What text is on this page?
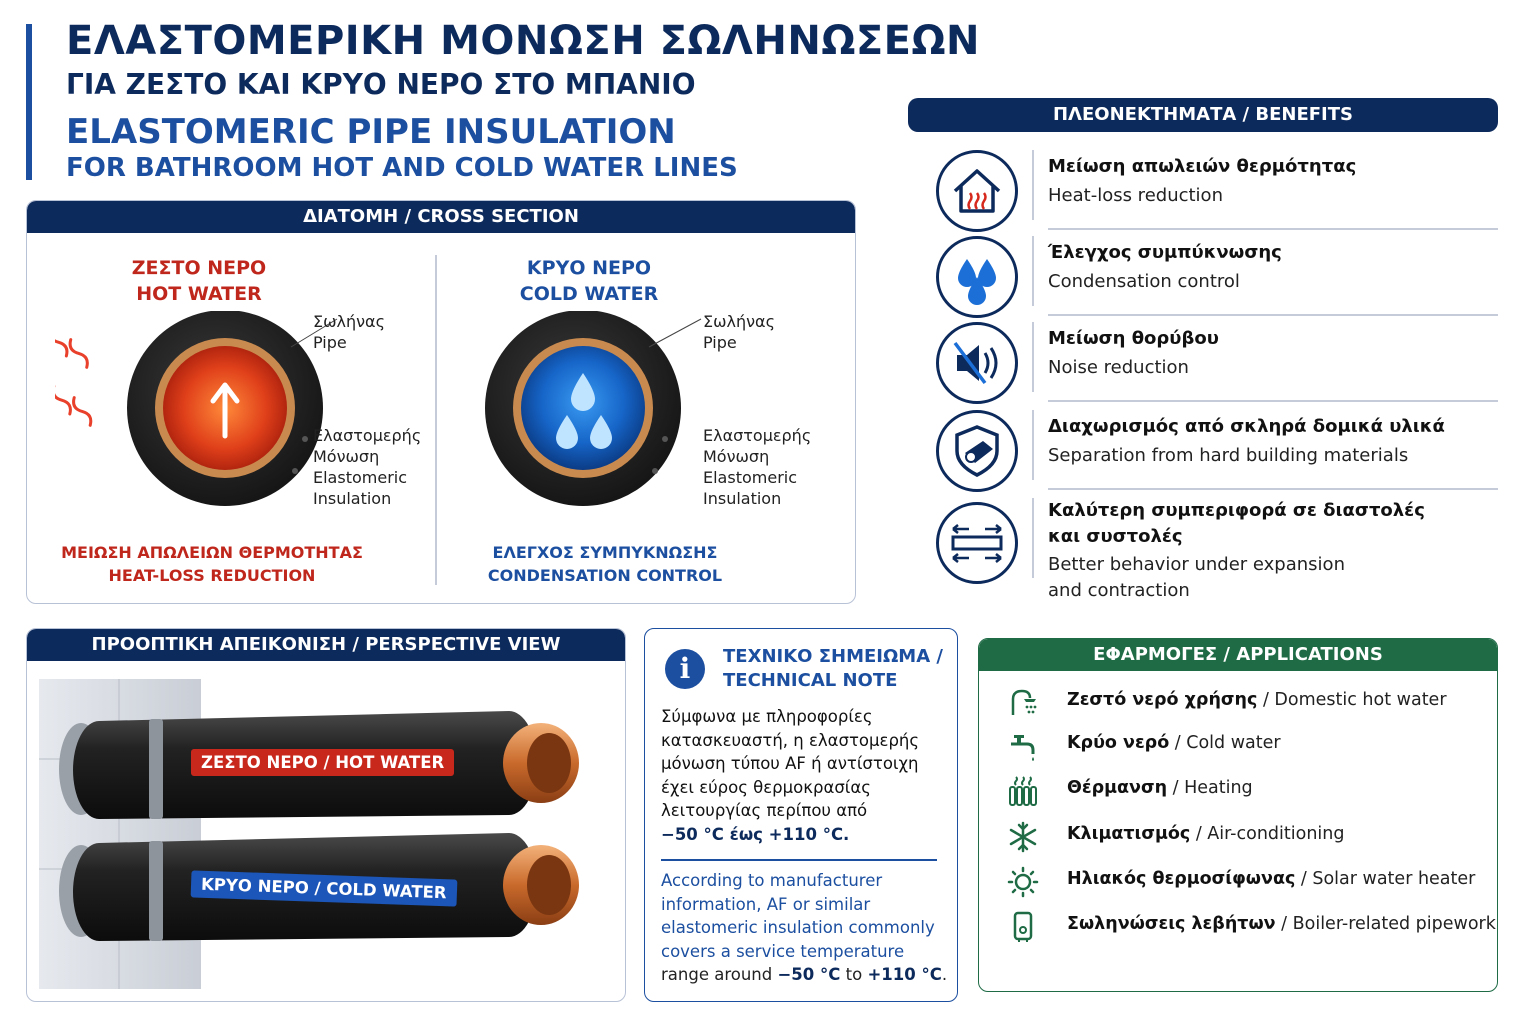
ΕΛΑΣΤΟΜΕΡΙΚΗ ΜΟΝΩΣΗ ΣΩΛΗΝΩΣΕΩΝ
ΓΙΑ ΖΕΣΤΟ ΚΑΙ ΚΡΥΟ ΝΕΡΟ ΣΤΟ ΜΠΑΝΙΟ
ELASTOMERIC PIPE INSULATION
FOR BATHROOM HOT AND COLD WATER LINES
ΔΙΑΤΟΜΗ / CROSS SECTION
ΖΕΣΤΟ ΝΕΡΟ
HOT WATER
Σωλήνας
Pipe
Ελαστομερής
Μόνωση
Elastomeric
Insulation
ΜΕΙΩΣΗ ΑΠΩΛΕΙΩΝ ΘΕΡΜΟΤΗΤΑΣ
HEAT-LOSS REDUCTION
ΚΡΥΟ ΝΕΡΟ
COLD WATER
Σωλήνας
Pipe
Ελαστομερής
Μόνωση
Elastomeric
Insulation
ΕΛΕΓΧΟΣ ΣΥΜΠΥΚΝΩΣΗΣ
CONDENSATION CONTROL
ΠΛΕΟΝΕΚΤΗΜΑΤΑ / BENEFITS
Μείωση απωλειών θερμότητας
Heat-loss reduction
Έλεγχος συμπύκνωσης
Condensation control
Μείωση θορύβου
Noise reduction
Διαχωρισμός από σκληρά δομικά υλικά
Separation from hard building materials
Καλύτερη συμπεριφορά σε διαστολές
και συστολές
Better behavior under expansion
and contraction
ΠΡΟΟΠΤΙΚΗ ΑΠΕΙΚΟΝΙΣΗ / PERSPECTIVE VIEW
ΖΕΣΤΟ ΝΕΡΟ / HOT WATER
ΚΡΥΟ ΝΕΡΟ / COLD WATER
i	ΤΕΧΝΙΚΟ ΣΗΜΕΙΩΜΑ /
TECHNICAL NOTE
Σύμφωνα με πληροφορίες
κατασκευαστή, η ελαστομερής
μόνωση τύπου AF ή αντίστοιχη
έχει εύρος θερμοκρασίας
λειτουργίας περίπου από
−50 °C έως +110 °C.
According to manufacturer
information, AF or similar
elastomeric insulation commonly
covers a service temperature
range around −50 °C to +110 °C.
ΕΦΑΡΜΟΓΕΣ / APPLICATIONS
Ζεστό νερό χρήσης / Domestic hot water
Κρύο νερό / Cold water
Θέρμανση / Heating
Κλιματισμός / Air-conditioning
Ηλιακός θερμοσίφωνας / Solar water heater
Σωληνώσεις λεβήτων / Boiler-related pipework
